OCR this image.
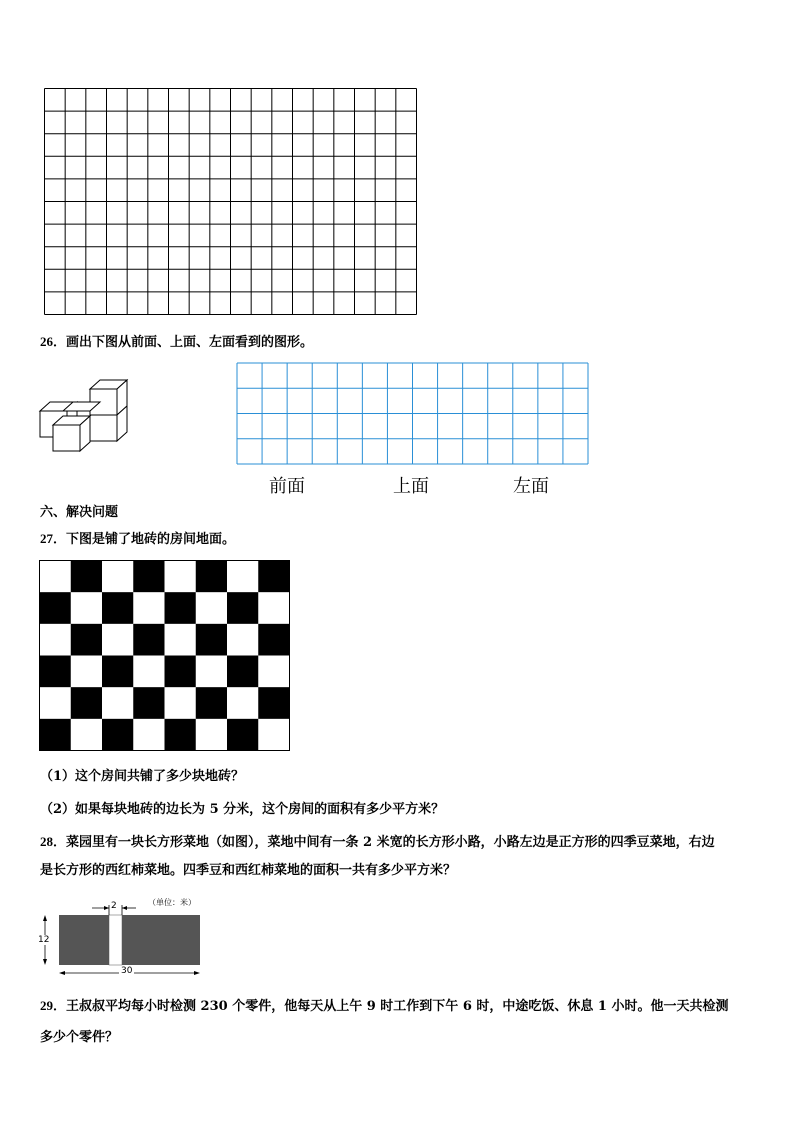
26．画出下图从前面、上面、左面看到的图形。
前面	上面	左面
六、解决问题
27．下图是铺了地砖的房间地面。
（1）这个房间共铺了多少块地砖？
（2）如果每块地砖的边长为 5 分米，这个房间的面积有多少平方米？
28．菜园里有一块长方形菜地（如图），菜地中间有一条 2 米宽的长方形小路，小路左边是正方形的四季豆菜地，右边
是长方形的西红柿菜地。四季豆和西红柿菜地的面积一共有多少平方米？
2	（单位：米）
12
30
29．王叔叔平均每小时检测 230 个零件，他每天从上午 9 时工作到下午 6 时，中途吃饭、休息 1 小时。他一天共检测
多少个零件？
